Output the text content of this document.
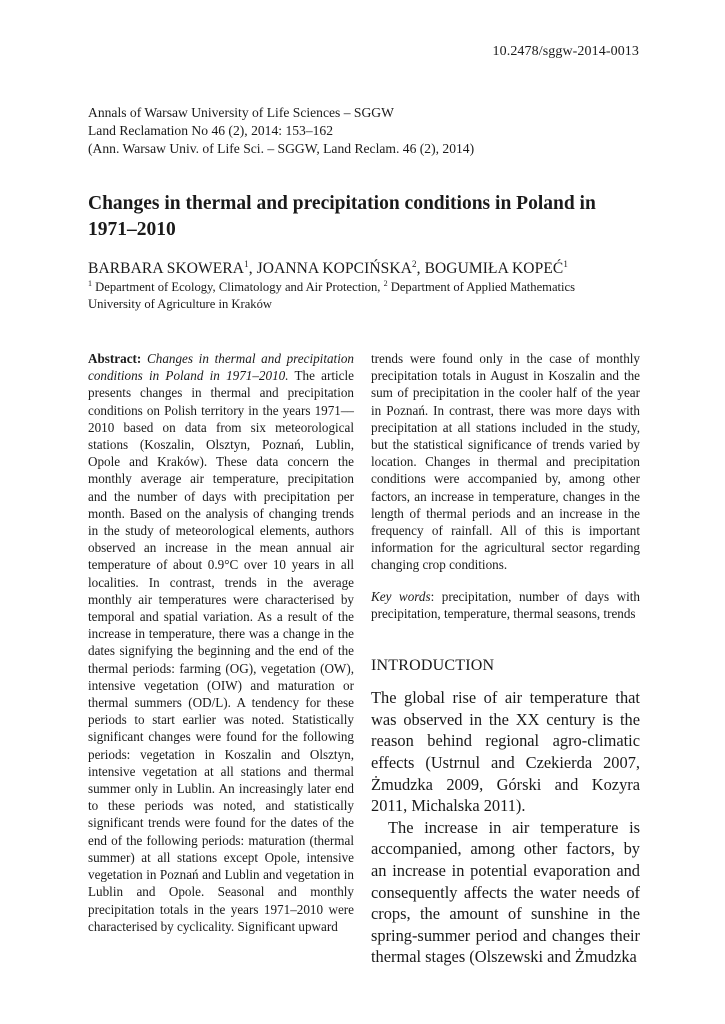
10.2478/sggw-2014-0013
Annals of Warsaw University of Life Sciences – SGGW
Land Reclamation No 46 (2), 2014: 153–162
(Ann. Warsaw Univ. of Life Sci. – SGGW, Land Reclam. 46 (2), 2014)
Changes in thermal and precipitation conditions in Poland in 1971–2010
BARBARA SKOWERA$^1$, JOANNA KOPCIŃSKA$^2$, BOGUMIŁA KOPEĆ$^1$
$^1$ Department of Ecology, Climatology and Air Protection, $^2$ Department of Applied Mathematics
University of Agriculture in Kraków

Abstract: Changes in thermal and precipitation conditions in Poland in 1971–2010. The article presents changes in thermal and precipitation conditions on Polish territory in the years 1971––2010 based on data from six meteorological stations (Koszalin, Olsztyn, Poznań, Lublin, Opole and Kraków). These data concern the monthly average air temperature, precipitation and the number of days with precipitation per month. Based on the analysis of changing trends in the study of meteorological elements, authors observed an increase in the mean annual air temperature of about 0.9°C over 10 years in all localities. In contrast, trends in the average monthly air temperatures were characterised by temporal and spatial variation. As a result of the increase in temperature, there was a change in the dates signifying the beginning and the end of the thermal periods: farming (OG), vegetation (OW), intensive vegetation (OIW) and maturation or thermal summers (OD/L). A tendency for these periods to start earlier was noted. Statistically significant changes were found for the following periods: vegetation in Koszalin and Olsztyn, intensive vegetation at all stations and thermal summer only in Lublin. An increasingly later end to these periods was noted, and statistically significant trends were found for the dates of the end of the following periods: maturation (thermal summer) at all stations except Opole, intensive vegetation in Poznań and Lublin and vegetation in Lublin and Opole. Seasonal and monthly precipitation totals in the years 1971–2010 were characterised by cyclicality. Significant upward

trends were found only in the case of monthly precipitation totals in August in Koszalin and the sum of precipitation in the cooler half of the year in Poznań. In contrast, there was more days with precipitation at all stations included in the study, but the statistical significance of trends varied by location. Changes in thermal and precipitation conditions were accompanied by, among other factors, an increase in temperature, changes in the length of thermal periods and an increase in the frequency of rainfall. All of this is important information for the agricultural sector regarding changing crop conditions.

Key words: precipitation, number of days with precipitation, temperature, thermal seasons, trends

INTRODUCTION

The global rise of air temperature that was observed in the XX century is the reason behind regional agro-climatic effects (Ustrnul and Czekierda 2007, Żmudzka 2009, Górski and Kozyra 2011, Michalska 2011).

The increase in air temperature is accompanied, among other factors, by an increase in potential evaporation and consequently affects the water needs of crops, the amount of sunshine in the spring-summer period and changes their thermal stages (Olszewski and Żmudzka
